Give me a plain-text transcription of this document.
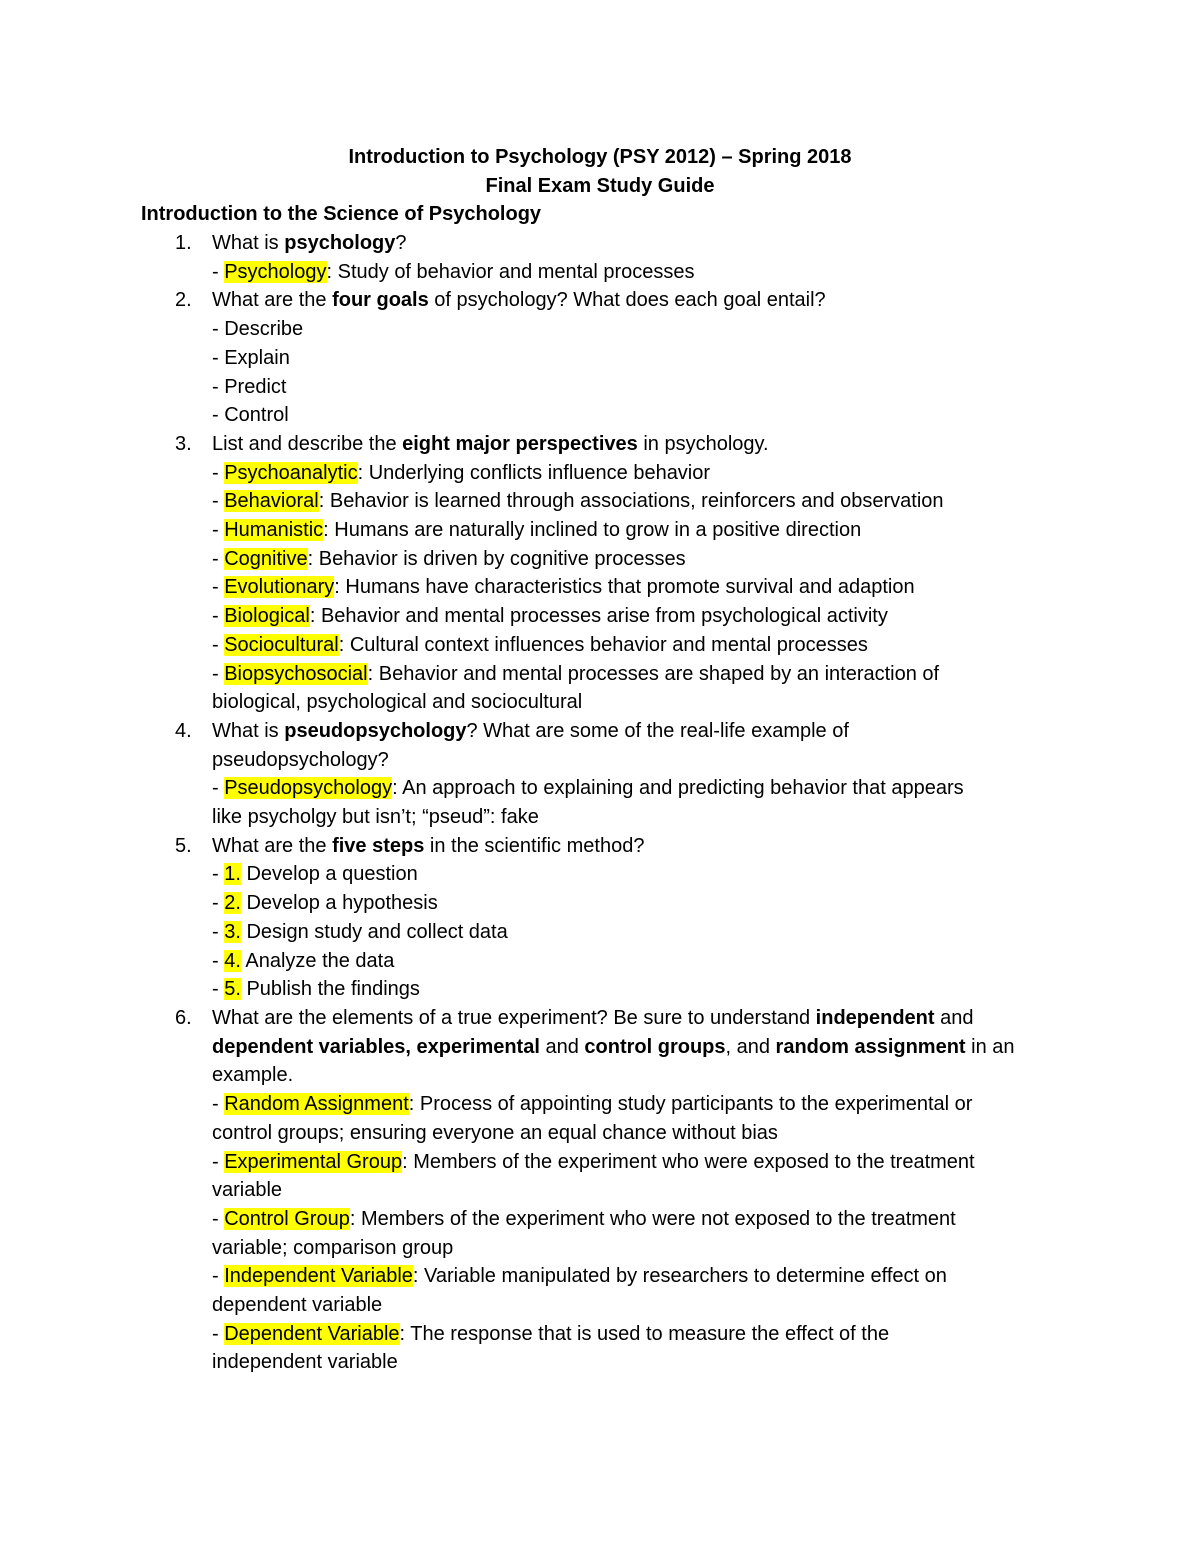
Introduction to Psychology (PSY 2012) – Spring 2018
Final Exam Study Guide
Introduction to the Science of Psychology
1. What is psychology?
- Psychology: Study of behavior and mental processes
2. What are the four goals of psychology? What does each goal entail?
- Describe
- Explain
- Predict
- Control
3. List and describe the eight major perspectives in psychology.
- Psychoanalytic: Underlying conflicts influence behavior
- Behavioral: Behavior is learned through associations, reinforcers and observation
- Humanistic: Humans are naturally inclined to grow in a positive direction
- Cognitive: Behavior is driven by cognitive processes
- Evolutionary: Humans have characteristics that promote survival and adaption
- Biological: Behavior and mental processes arise from psychological activity
- Sociocultural: Cultural context influences behavior and mental processes
- Biopsychosocial: Behavior and mental processes are shaped by an interaction of
biological, psychological and sociocultural
4. What is pseudopsychology? What are some of the real-life example of
pseudopsychology?
- Pseudopsychology: An approach to explaining and predicting behavior that appears
like psycholgy but isn’t; “pseud”: fake
5. What are the five steps in the scientific method?
- 1. Develop a question
- 2. Develop a hypothesis
- 3. Design study and collect data
- 4. Analyze the data
- 5. Publish the findings
6. What are the elements of a true experiment? Be sure to understand independent and
dependent variables, experimental and control groups, and random assignment in an
example.
- Random Assignment: Process of appointing study participants to the experimental or
control groups; ensuring everyone an equal chance without bias
- Experimental Group: Members of the experiment who were exposed to the treatment
variable
- Control Group: Members of the experiment who were not exposed to the treatment
variable; comparison group
- Independent Variable: Variable manipulated by researchers to determine effect on
dependent variable
- Dependent Variable: The response that is used to measure the effect of the
independent variable
